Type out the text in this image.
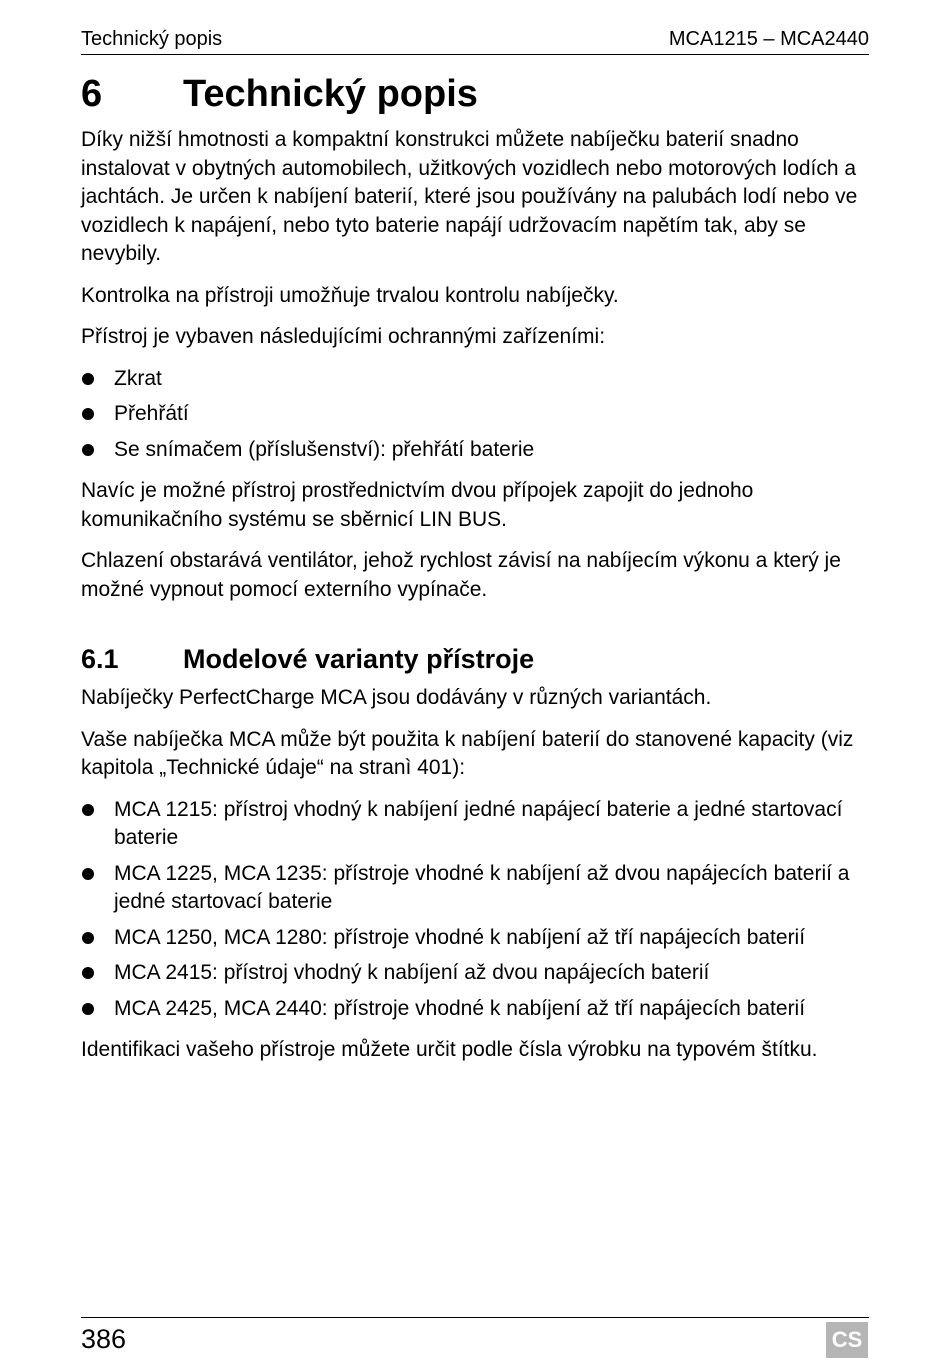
Technický popis	MCA1215 – MCA2440
6	Technický popis

Díky nižší hmotnosti a kompaktní konstrukci můžete nabíječku baterií snadno instalovat v obytných automobilech, užitkových vozidlech nebo motorových lodích a jachtách. Je určen k nabíjení baterií, které jsou používány na palubách lodí nebo ve vozidlech k napájení, nebo tyto baterie napájí udržovacím napětím tak, aby se nevybily.

Kontrolka na přístroji umožňuje trvalou kontrolu nabíječky.

Přístroj je vybaven následujícími ochrannými zařízeními:

Zkrat
Přehřátí
Se snímačem (příslušenství): přehřátí baterie

Navíc je možné přístroj prostřednictvím dvou přípojek zapojit do jednoho komunikačního systému se sběrnicí LIN BUS.

Chlazení obstarává ventilátor, jehož rychlost závisí na nabíjecím výkonu a který je možné vypnout pomocí externího vypínače.

6.1	Modelové varianty přístroje

Nabíječky PerfectCharge MCA jsou dodávány v různých variantách.

Vaše nabíječka MCA může být použita k nabíjení baterií do stanovené kapacity (viz kapitola „Technické údaje“ na stranì 401):

MCA 1215: přístroj vhodný k nabíjení jedné napájecí baterie a jedné startovací baterie
MCA 1225, MCA 1235: přístroje vhodné k nabíjení až dvou napájecích baterií a jedné startovací baterie
MCA 1250, MCA 1280: přístroje vhodné k nabíjení až tří napájecích baterií
MCA 2415: přístroj vhodný k nabíjení až dvou napájecích baterií
MCA 2425, MCA 2440: přístroje vhodné k nabíjení až tří napájecích baterií

Identifikaci vašeho přístroje můžete určit podle čísla výrobku na typovém štítku.

386	CS
